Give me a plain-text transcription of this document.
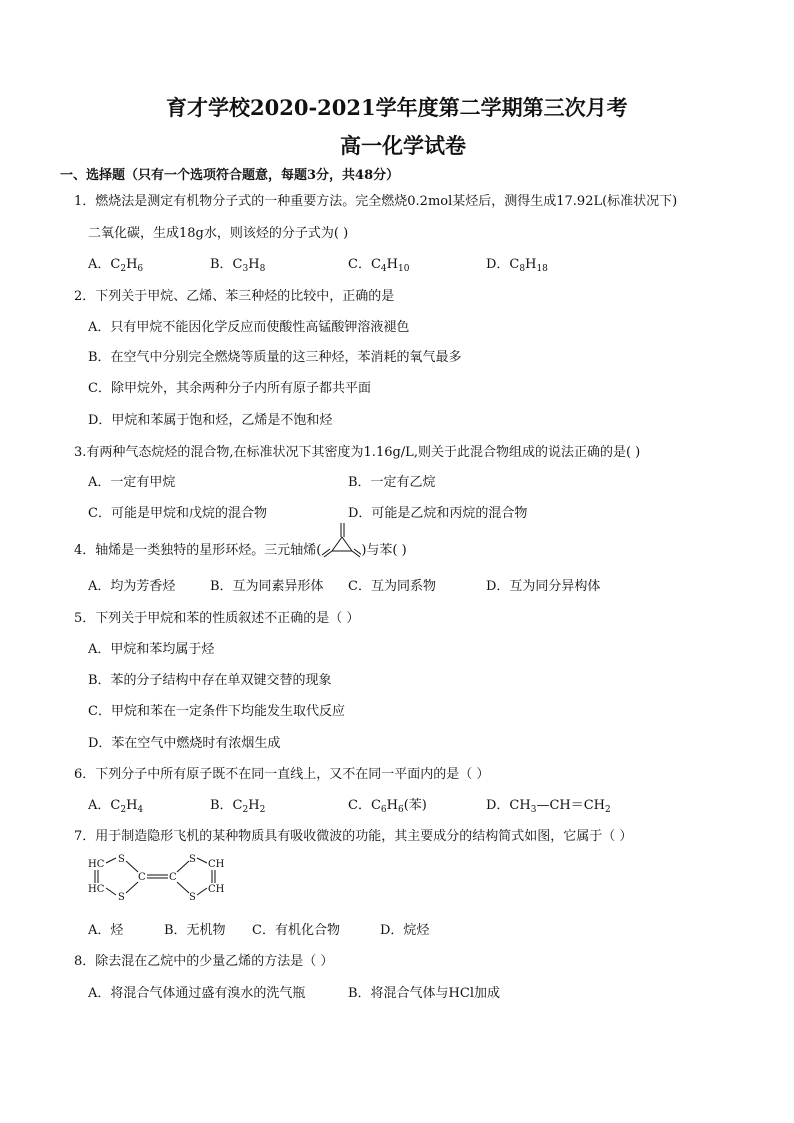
育才学校2020-2021学年度第二学期第三次月考
高一化学试卷
一、选择题（只有一个选项符合题意，每题3分，共48分）
1．燃烧法是测定有机物分子式的一种重要方法。完全燃烧0.2mol某烃后，测得生成17.92L(标准状况下)
二氧化碳，生成18g水，则该烃的分子式为( )
A．$C_2H_6$	B．$C_3H_8$	C．$C_4H_{10}$	D．$C_8H_{18}$
2．下列关于甲烷、乙烯、苯三种烃的比较中，正确的是
A．只有甲烷不能因化学反应而使酸性高锰酸钾溶液褪色
B．在空气中分别完全燃烧等质量的这三种烃，苯消耗的氧气最多
C．除甲烷外，其余两种分子内所有原子都共平面
D．甲烷和苯属于饱和烃，乙烯是不饱和烃
3.有两种气态烷烃的混合物,在标准状况下其密度为1.16g/L,则关于此混合物组成的说法正确的是( )
A．一定有甲烷	B．一定有乙烷
C．可能是甲烷和戊烷的混合物	D．可能是乙烷和丙烷的混合物
4．轴烯是一类独特的星形环烃。三元轴烯(	)与苯( )
A．均为芳香烃	B．互为同素异形体 C．互为同系物	D．互为同分异构体
5．下列关于甲烷和苯的性质叙述不正确的是（ ）
A．甲烷和苯均属于烃
B．苯的分子结构中存在单双键交替的现象
C．甲烷和苯在一定条件下均能发生取代反应
D．苯在空气中燃烧时有浓烟生成
6．下列分子中所有原子既不在同一直线上，又不在同一平面内的是（ ）
A．$C_2H_4$	B．$C_2H_2$	C．$C_6H_6$(苯)	D．$CH_3—CH=CH_2$
7．用于制造隐形飞机的某种物质具有吸收微波的功能，其主要成分的结构简式如图，它属于（ ）
HC
HC
S
S
C C
S
S
CH
CH
A．烃	B．无机物 C．有机化合物	D．烷烃
8．除去混在乙烷中的少量乙烯的方法是（ ）
A．将混合气体通过盛有溴水的洗气瓶	B．将混合气体与HCl加成
